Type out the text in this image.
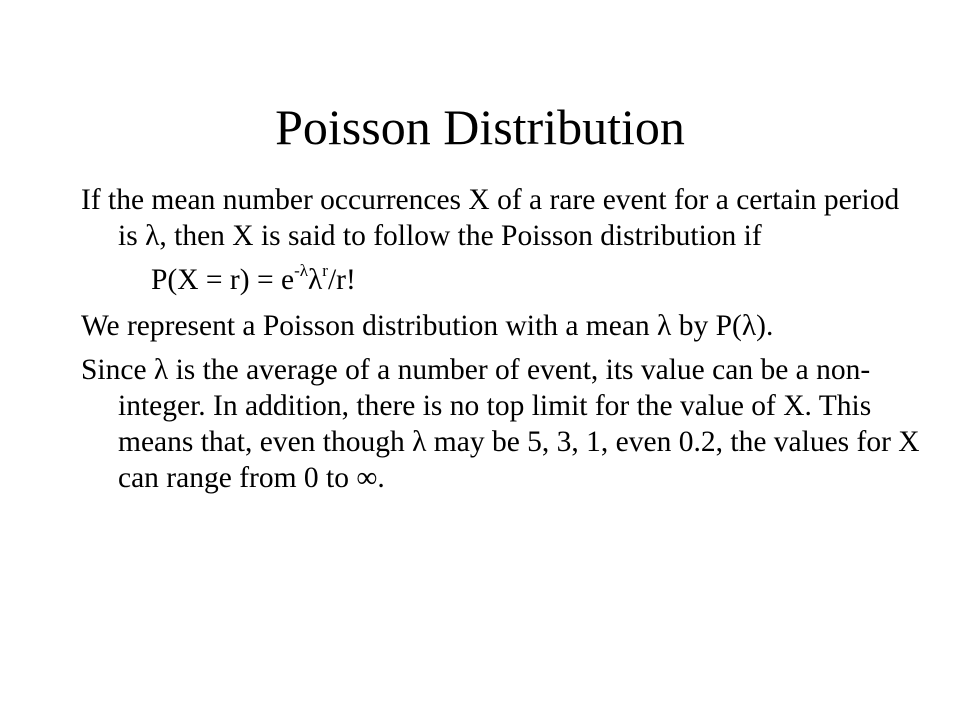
Poisson Distribution

If the mean number occurrences X of a rare event for a certain period is λ, then X is said to follow the Poisson distribution if

$P(X = r) = e^{-\lambda}\lambda^r/r$!

We represent a Poisson distribution with a mean λ by P(λ).

Since λ is the average of a number of event, its value can be a non-integer. In addition, there is no top limit for the value of X. This means that, even though λ may be 5, 3, 1, even 0.2, the values for X can range from 0 to ∞.
